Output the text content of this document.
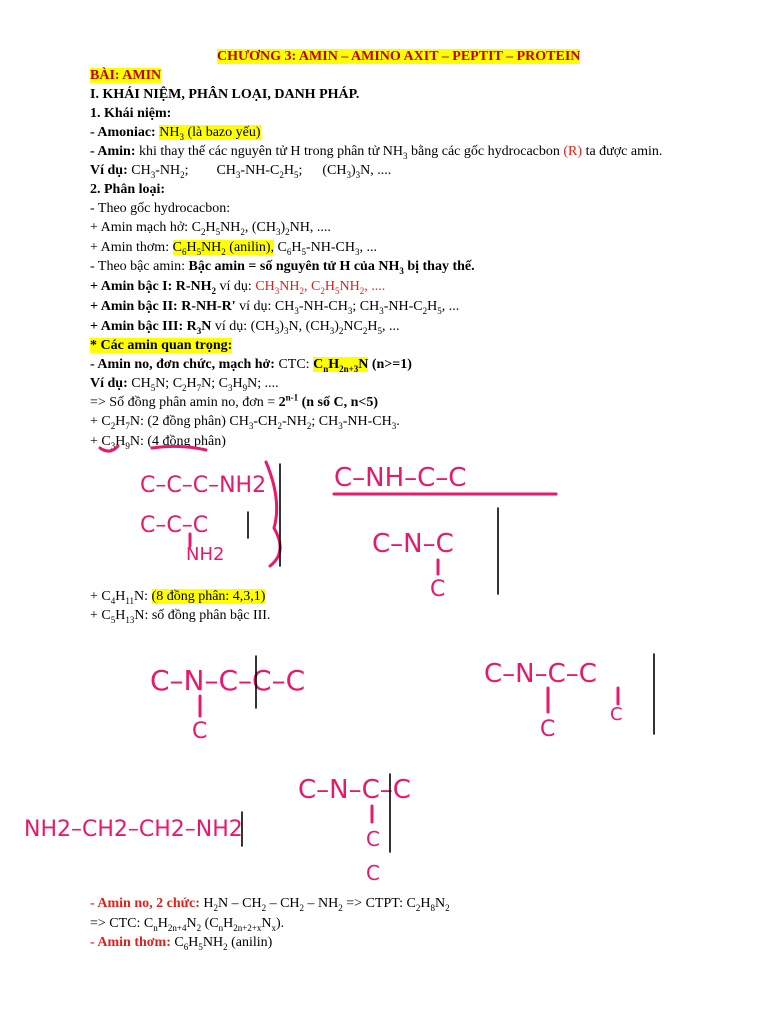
CHƯƠNG 3: AMIN – AMINO AXIT – PEPTIT – PROTEIN
BÀI: AMIN
I. KHÁI NIỆM, PHÂN LOẠI, DANH PHÁP.
1. Khái niệm:
- Amoniac: $NH_3$ (là bazo yếu)
- Amin: khi thay thế các nguyên tử H trong phân tử $NH_3$ bằng các gốc hydrocacbon (R) ta được amin.
Ví dụ: $CH_3-NH_2$; $CH_3-NH-C_2H_5$; $(CH_3)_3N$, ....
2. Phân loại:
- Theo gốc hydrocacbon:
+ Amin mạch hở: $C_2H_5NH_2$, $(CH_3)_2NH$, ....
+ Amin thơm: $C_6H_5NH_2$ (anilin), $C_6H_5-NH-CH_3$, ...
- Theo bậc amin: Bậc amin = số nguyên tử H của $NH_3$ bị thay thế.
+ Amin bậc I: $R-NH_2$ ví dụ: $CH_3NH_2$, $C_2H_5NH_2$, ....
+ Amin bậc II: R-NH-R' ví dụ: $CH_3-NH-CH_3$; $CH_3-NH-C_2H_5$, ...
+ Amin bậc III: $R_3N$ ví dụ: $(CH_3)_3N$, $(CH_3)_2NC_2H_5$, ...
* Các amin quan trọng:
- Amin no, đơn chức, mạch hở: CTC: $C_nH_{2n+3}N$ (n>=1)
Ví dụ: $CH_5N$; $C_2H_7N$; $C_3H_9N$; ....
=> Số đồng phân amin no, đơn = $2^{n-1}$ (n số C, n<5)
+ $C_2H_7N$: (2 đồng phân) $CH_3-CH_2-NH_2$; $CH_3-NH-CH_3$.
+ $C_3H_9N$: (4 đồng phân)
+ $C_4H_{11}N$: (8 đồng phân: 4,3,1)
+ $C_5H_{13}N$: số đồng phân bậc III.
- Amin no, 2 chức: $H_2N - CH_2 - CH_2 - NH_2$ => CTPT: $C_2H_8N_2$
=> CTC: $C_nH_{2n+4}N_2$ $(C_nH_{2n+2+x}N_x)$.
- Amin thơm: $C_6H_5NH_2$ (anilin)
C–C–C–NH2
C–C–C
NH2
C–NH–C–C
C–N–C
C
C–N–C–C–C
C
C–N–C–C
C
C
NH2–CH2–CH2–NH2
C–N–C–C
C
C
